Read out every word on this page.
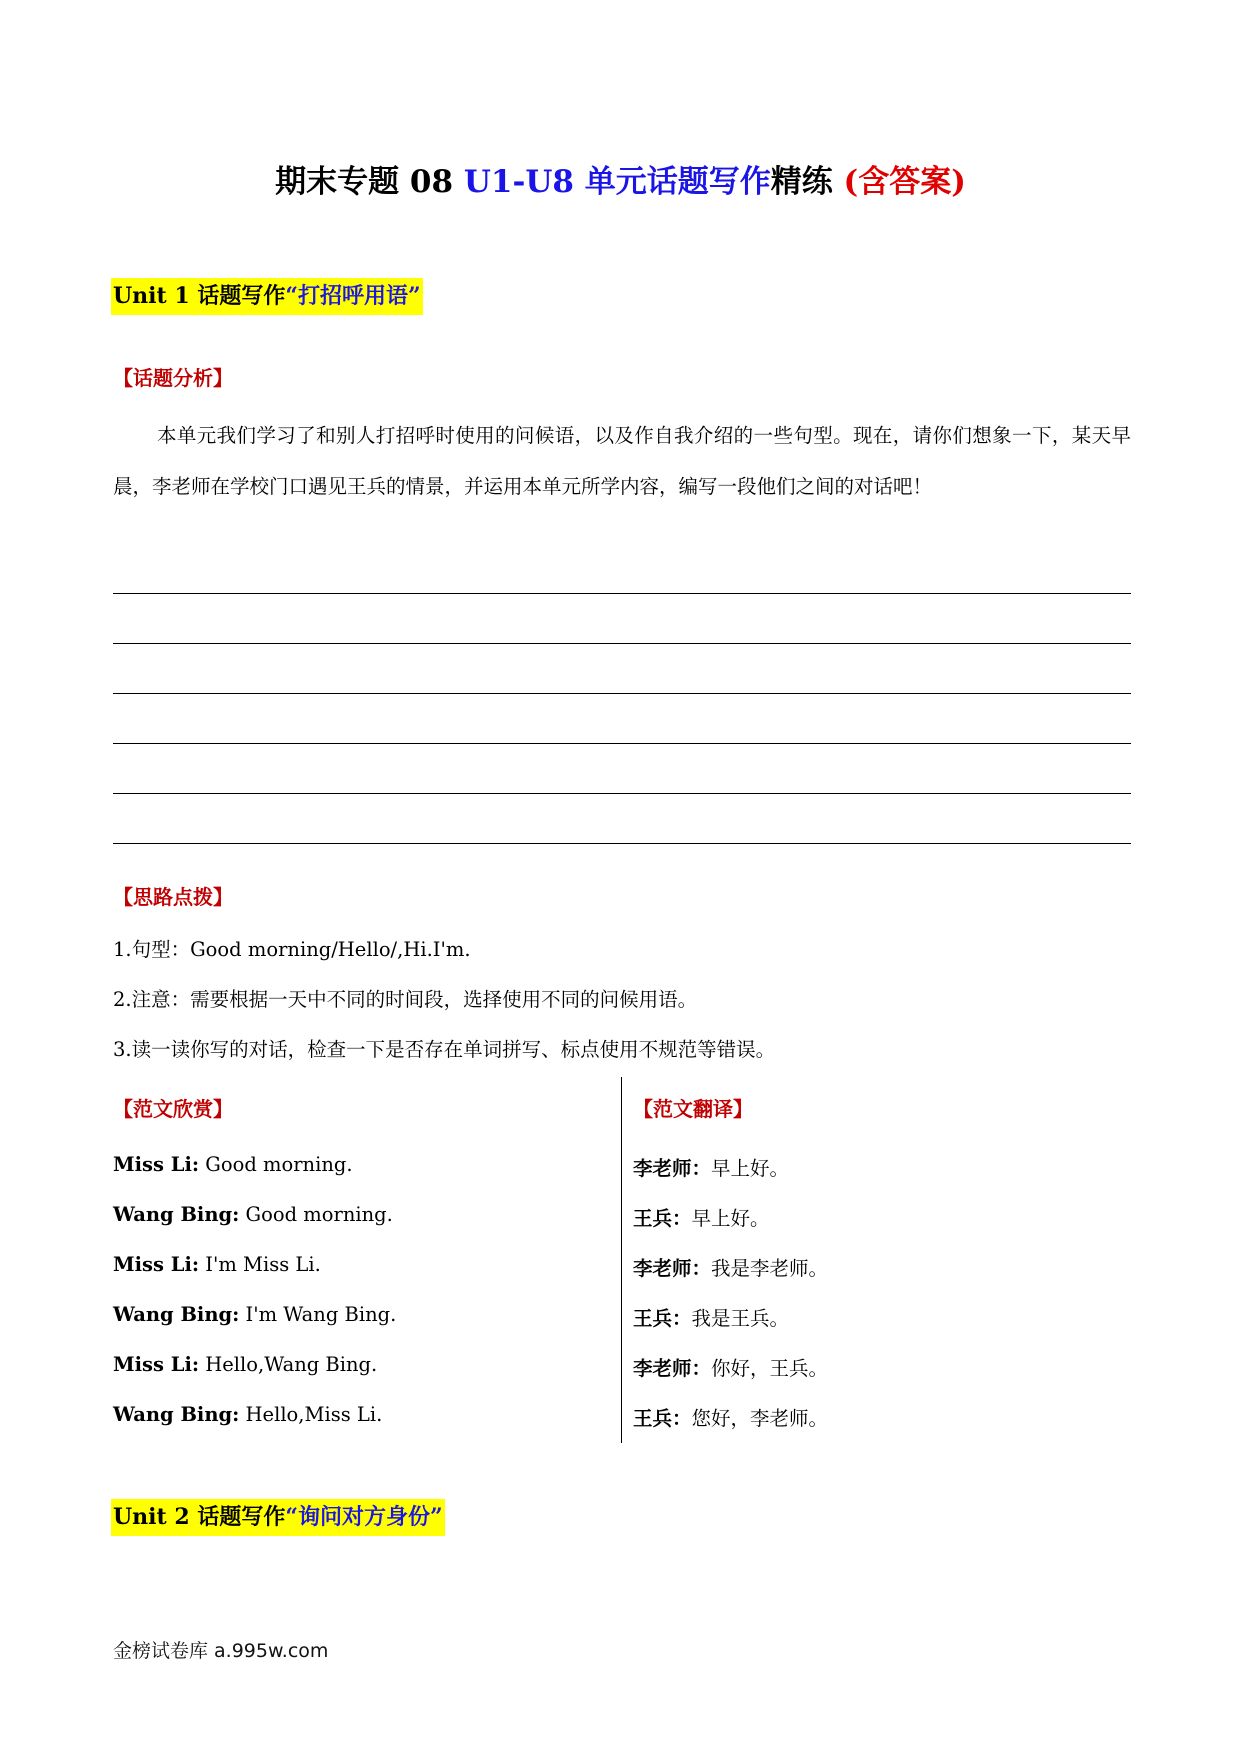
期末专题 08 U1-U8 单元话题写作精练 (含答案)
Unit 1 话题写作“打招呼用语”
【话题分析】
本单元我们学习了和别人打招呼时使用的问候语，以及作自我介绍的一些句型。现在，请你们想象一下，某天早晨，李老师在学校门口遇见王兵的情景，并运用本单元所学内容，编写一段他们之间的对话吧！
【思路点拨】
1.句型：Good morning/Hello/,Hi.I'm.
2.注意：需要根据一天中不同的时间段，选择使用不同的问候用语。
3.读一读你写的对话，检查一下是否存在单词拼写、标点使用不规范等错误。
【范文欣赏】
Miss Li: Good morning.
Wang Bing: Good morning.
Miss Li: I'm Miss Li.
Wang Bing: I'm Wang Bing.
Miss Li: Hello,Wang Bing.
Wang Bing: Hello,Miss Li.
【范文翻译】
李老师：早上好。
王兵：早上好。
李老师：我是李老师。
王兵：我是王兵。
李老师：你好，王兵。
王兵：您好，李老师。
Unit 2 话题写作“询问对方身份”
金榜试卷库 a.995w.com
